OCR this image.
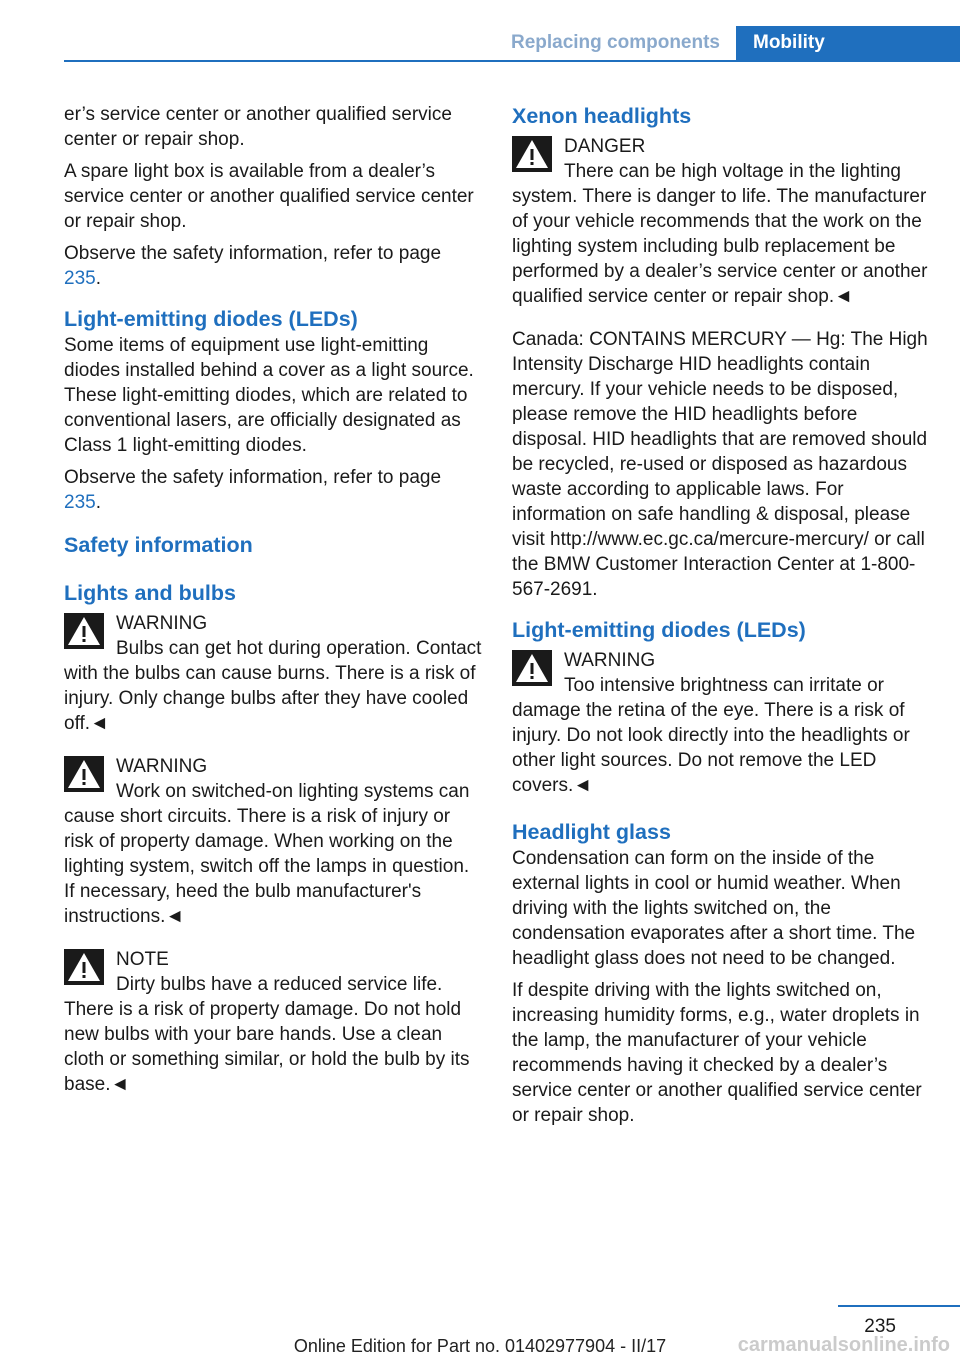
Replacing components	Mobility

er’s service center or another qualified service center or repair shop.

A spare light box is available from a dealer’s service center or another qualified service center or repair shop.

Observe the safety information, refer to page 235.

Light-emitting diodes (LEDs)

Some items of equipment use light-emitting diodes installed behind a cover as a light source. These light-emitting diodes, which are related to conventional lasers, are officially designated as Class 1 light-emitting diodes.

Observe the safety information, refer to page 235.

Safety information
Lights and bulbs
WARNING
Bulbs can get hot during operation. Contact with the bulbs can cause burns. There is a risk of injury. Only change bulbs after they have cooled off.◄
WARNING
Work on switched-on lighting systems can cause short circuits. There is a risk of injury or risk of property damage. When working on the lighting system, switch off the lamps in question. If necessary, heed the bulb manufacturer's instructions.◄
NOTE
Dirty bulbs have a reduced service life. There is a risk of property damage. Do not hold new bulbs with your bare hands. Use a clean cloth or something similar, or hold the bulb by its base.◄
Xenon headlights
DANGER
There can be high voltage in the lighting system. There is danger to life. The manufacturer of your vehicle recommends that the work on the lighting system including bulb replacement be performed by a dealer’s service center or another qualified service center or repair shop.◄

Canada: CONTAINS MERCURY — Hg: The High Intensity Discharge HID headlights contain mercury. If your vehicle needs to be disposed, please remove the HID headlights before disposal. HID headlights that are removed should be recycled, re-used or disposed as hazardous waste according to applicable laws. For information on safe handling & disposal, please visit http://www.ec.gc.ca/mercure-mercury/ or call the BMW Customer Interaction Center at 1-800-567-2691.

Light-emitting diodes (LEDs)
WARNING
Too intensive brightness can irritate or damage the retina of the eye. There is a risk of injury. Do not look directly into the headlights or other light sources. Do not remove the LED covers.◄
Headlight glass

Condensation can form on the inside of the external lights in cool or humid weather. When driving with the lights switched on, the condensation evaporates after a short time. The headlight glass does not need to be changed.

If despite driving with the lights switched on, increasing humidity forms, e.g., water droplets in the lamp, the manufacturer of your vehicle recommends having it checked by a dealer’s service center or another qualified service center or repair shop.

235
Online Edition for Part no. 01402977904 - II/17	carmanualsonline.info
